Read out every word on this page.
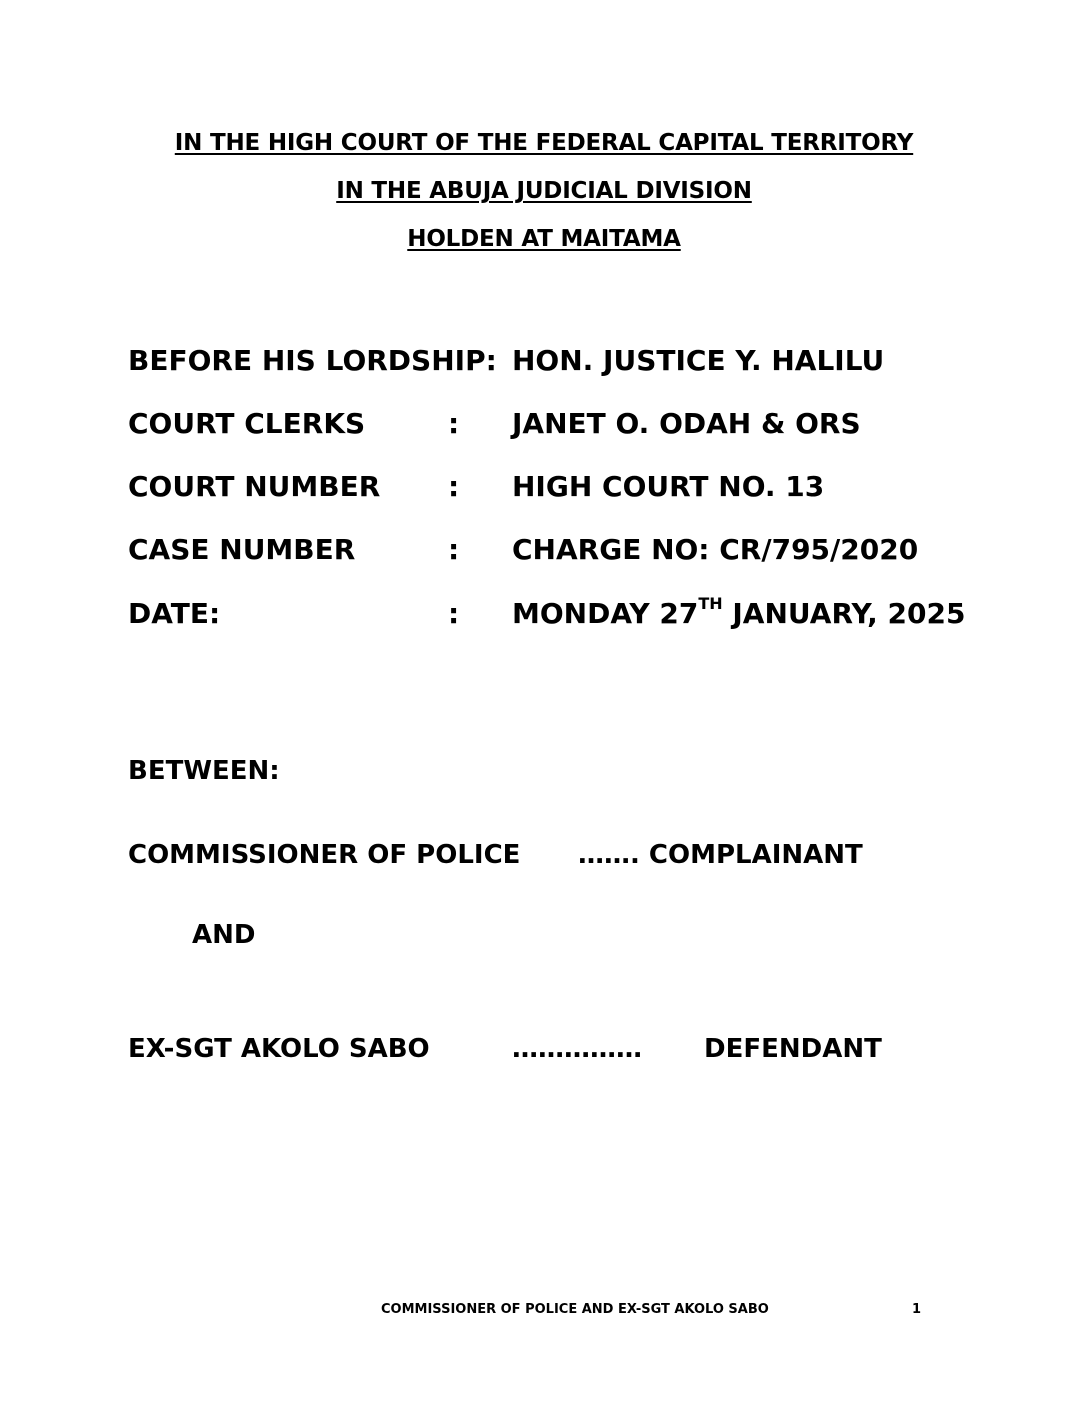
IN THE HIGH COURT OF THE FEDERAL CAPITAL TERRITORY
IN THE ABUJA JUDICIAL DIVISION
HOLDEN AT MAITAMA
BEFORE HIS LORDSHIP: HON. JUSTICE Y. HALILU
COURT CLERKS	: JANET O. ODAH & ORS
COURT NUMBER : HIGH COURT NO. 13
CASE NUMBER	: CHARGE NO: CR/795/2020
DATE:	: MONDAY 27TH JANUARY, 2025
BETWEEN:
COMMISSIONER OF POLICE ……. COMPLAINANT
AND
EX-SGT AKOLO SABO	…………… DEFENDANT
COMMISSIONER OF POLICE AND EX-SGT AKOLO SABO	1
